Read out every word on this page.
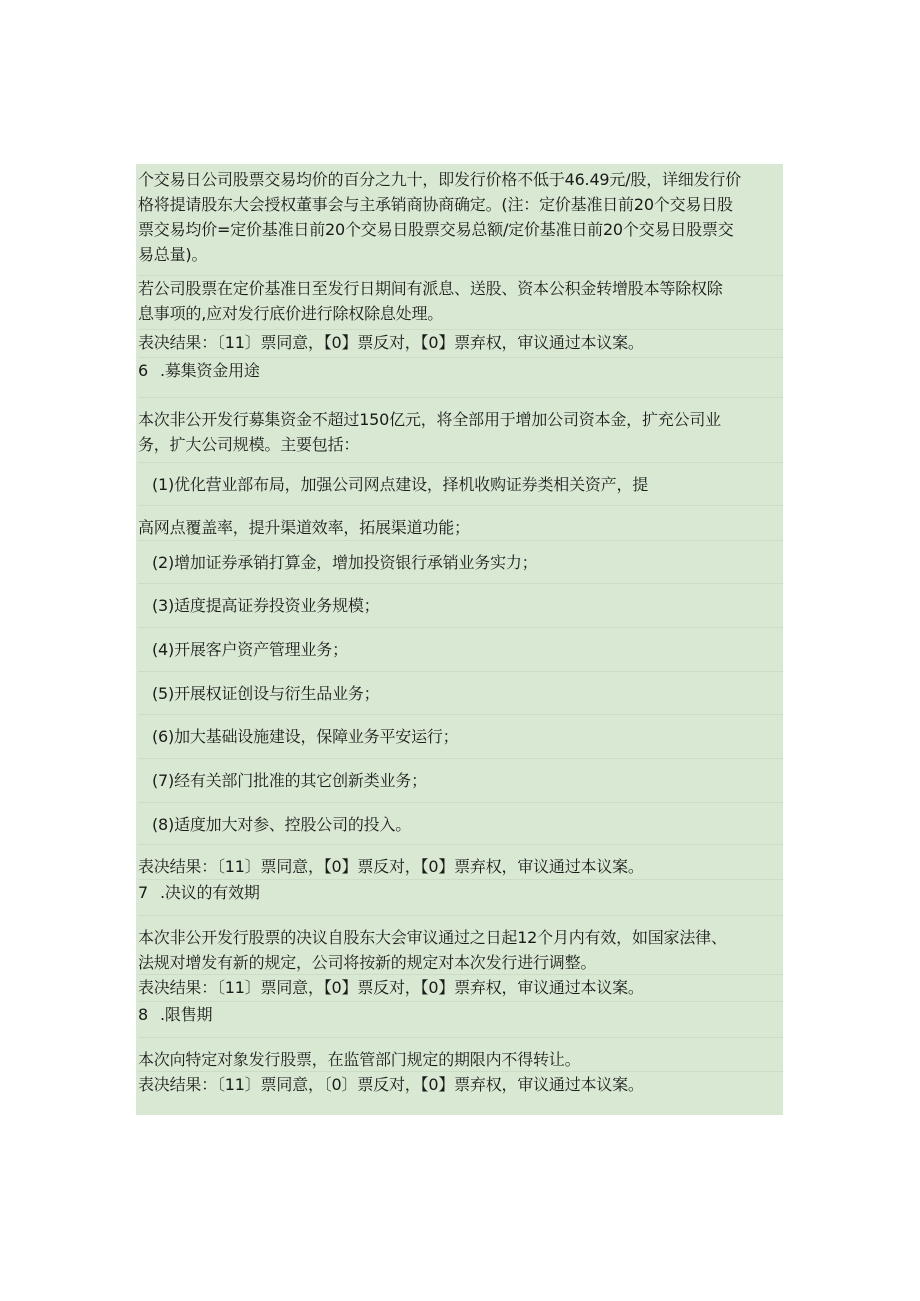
个交易日公司股票交易均价的百分之九十，即发行价格不低于46.49元/股，详细发行价
格将提请股东大会授权董事会与主承销商协商确定。(注：定价基准日前20个交易日股
票交易均价=定价基准日前20个交易日股票交易总额/定价基准日前20个交易日股票交
易总量)。
若公司股票在定价基准日至发行日期间有派息、送股、资本公积金转增股本等除权除
息事项的,应对发行底价进行除权除息处理。
表决结果：〔11〕票同意，【0】票反对，【0】票弃权，审议通过本议案。
6 .募集资金用途
本次非公开发行募集资金不超过150亿元，将全部用于增加公司资本金，扩充公司业
务，扩大公司规模。主要包括：
(1)优化营业部布局，加强公司网点建设，择机收购证券类相关资产，提
高网点覆盖率，提升渠道效率，拓展渠道功能；
(2)增加证券承销打算金，增加投资银行承销业务实力；
(3)适度提高证券投资业务规模；
(4)开展客户资产管理业务；
(5)开展权证创设与衍生品业务；
(6)加大基础设施建设，保障业务平安运行；
(7)经有关部门批准的其它创新类业务；
(8)适度加大对参、控股公司的投入。
表决结果：〔11〕票同意，【0】票反对，【0】票弃权，审议通过本议案。
7 .决议的有效期
本次非公开发行股票的决议自股东大会审议通过之日起12个月内有效，如国家法律、
法规对增发有新的规定，公司将按新的规定对本次发行进行调整。
表决结果：〔11〕票同意，【0】票反对，【0】票弃权，审议通过本议案。
8 .限售期
本次向特定对象发行股票，在监管部门规定的期限内不得转让。
表决结果：〔11〕票同意，〔0〕票反对，【0】票弃权，审议通过本议案。
